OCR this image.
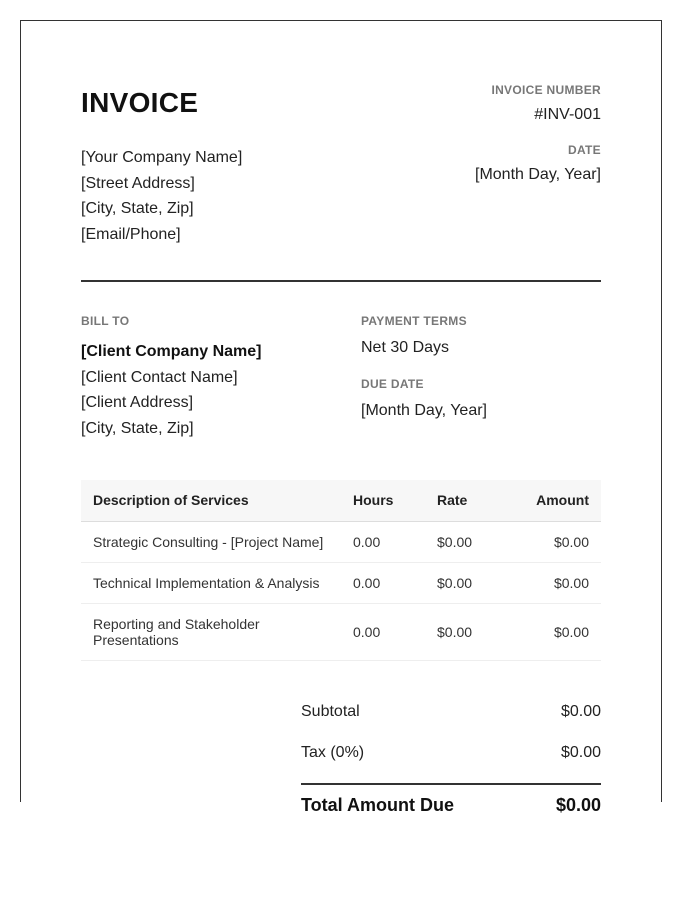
INVOICE
[Your Company Name]
[Street Address]
[City, State, Zip]
[Email/Phone]
INVOICE NUMBER
#INV-001
DATE
[Month Day, Year]
BILL TO
[Client Company Name]
[Client Contact Name]
[Client Address]
[City, State, Zip]
PAYMENT TERMS
Net 30 Days
DUE DATE
[Month Day, Year]
Description of Services	Hours	Rate	Amount
Strategic Consulting - [Project Name]	0.00	$0.00	$0.00
Technical Implementation & Analysis	0.00	$0.00	$0.00
Reporting and Stakeholder Presentations	0.00	$0.00	$0.00
Subtotal	$0.00
Tax (0%)	$0.00
Total Amount Due	$0.00
